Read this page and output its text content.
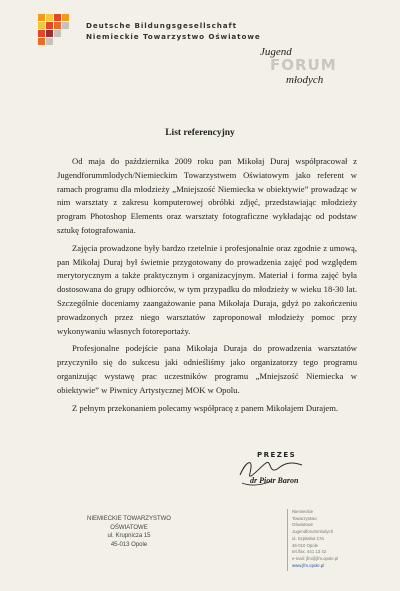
Deutsche Bildungsgesellschaft
Niemieckie Towarzystwo Oświatowe
Jugend
FORUM
młodych
List referencyjny

Od maja do października 2009 roku pan Mikołaj Duraj współpracował z Jugendforummlodych/Niemieckim Towarzystwem Oświatowym jako referent w ramach programu dla młodzieży „Mniejszość Niemiecka w obiektywie” prowadząc w nim warsztaty z zakresu komputerowej obróbki zdjęć, przedstawiając młodzieży program Photoshop Elements oraz warsztaty fotograficzne wykładając od podstaw sztukę fotografowania.

Zajęcia prowadzone były bardzo rzetelnie i profesjonalnie oraz zgodnie z umową, pan Mikołaj Duraj był świetnie przygotowany do prowadzenia zajęć pod względem merytorycznym a także praktycznym i organizacyjnym. Materiał i forma zajęć była dostosowana do grupy odbiorców, w tym przypadku do młodzieży w wieku 18-30 lat. Szczególnie doceniamy zaangażowanie pana Mikołaja Duraja, gdyż po zakończeniu prowadzonych przez niego warsztatów zaproponował młodzieży pomoc przy wykonywaniu własnych fotoreportaży.

Profesjonalne podejście pana Mikołaja Duraja do prowadzenia warsztatów przyczyniło się do sukcesu jaki odnieśliśmy jako organizatorzy tego programu organizując wystawę prac uczestników programu „Mniejszość Niemiecka w obiektywie” w Piwnicy Artystycznej MOK w Opolu.

Z pełnym przekonaniem polecamy współpracę z panem Mikołajem Durajem.

PREZES
dr Piotr Baron
NIEMIECKIE TOWARZYSTWO
OŚWIATOWE
ul. Krupnicza 15
45-013 Opole
Niemieckie
Towarzystwo
Oświatowe
Jugendforummlodych
ul. Szpitalna 17a
45-010 Opole
tel./fax. 441 13 42
e-mail: jfm@jfm.opole.pl
www.jfm.opole.pl
